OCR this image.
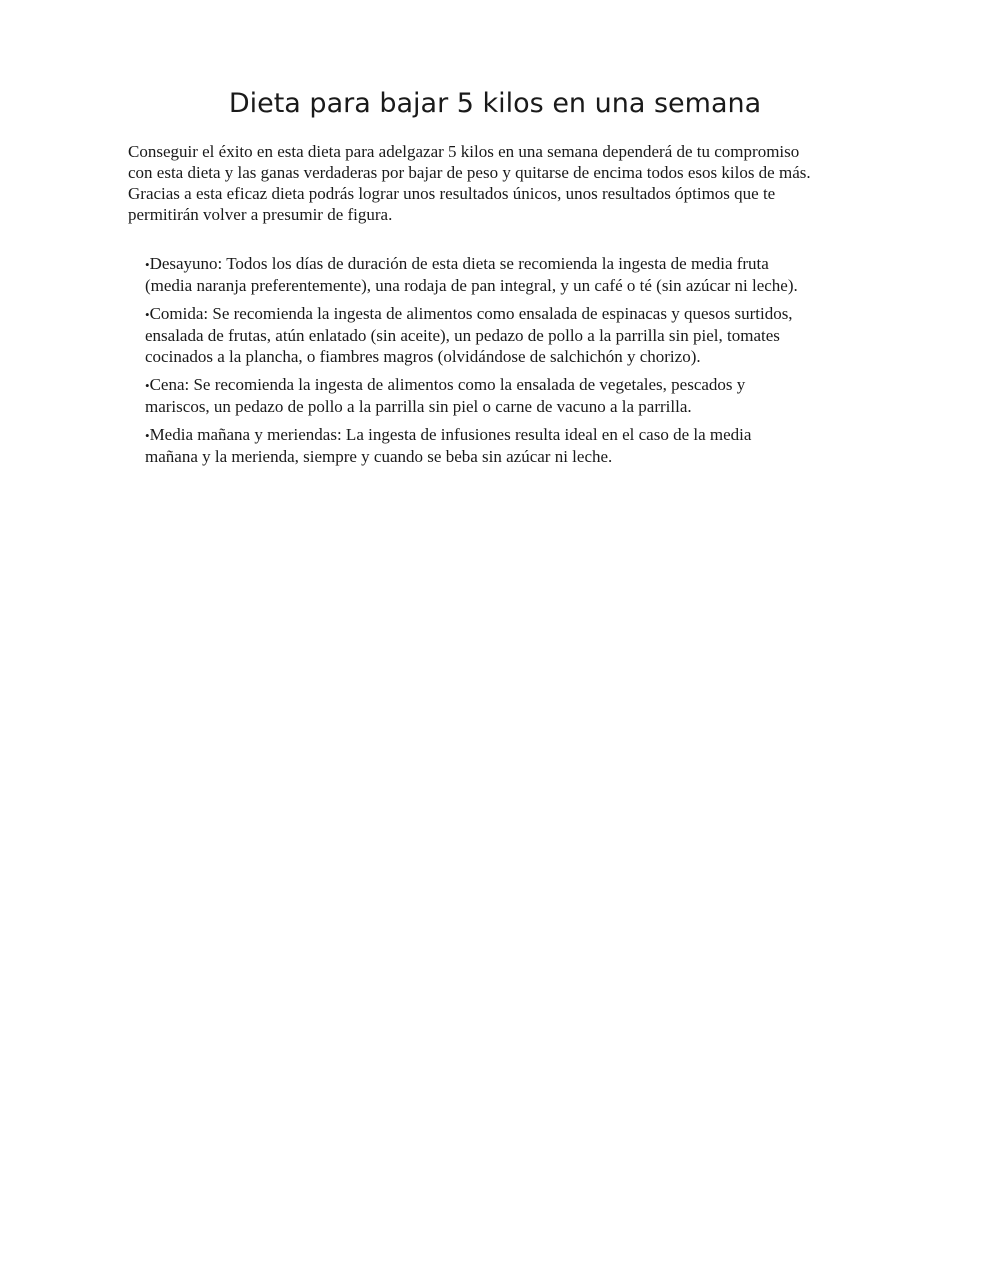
Dieta para bajar 5 kilos en una semana
Conseguir el éxito en esta dieta para adelgazar 5 kilos en una semana dependerá de tu compromiso
con esta dieta y las ganas verdaderas por bajar de peso y quitarse de encima todos esos kilos de más.
Gracias a esta eficaz dieta podrás lograr unos resultados únicos, unos resultados óptimos que te
permitirán volver a presumir de figura.
•Desayuno: Todos los días de duración de esta dieta se recomienda la ingesta de media fruta
(media naranja preferentemente), una rodaja de pan integral, y un café o té (sin azúcar ni leche).
•Comida: Se recomienda la ingesta de alimentos como ensalada de espinacas y quesos surtidos,
ensalada de frutas, atún enlatado (sin aceite), un pedazo de pollo a la parrilla sin piel, tomates
cocinados a la plancha, o fiambres magros (olvidándose de salchichón y chorizo).
•Cena: Se recomienda la ingesta de alimentos como la ensalada de vegetales, pescados y
mariscos, un pedazo de pollo a la parrilla sin piel o carne de vacuno a la parrilla.
•Media mañana y meriendas: La ingesta de infusiones resulta ideal en el caso de la media
mañana y la merienda, siempre y cuando se beba sin azúcar ni leche.
